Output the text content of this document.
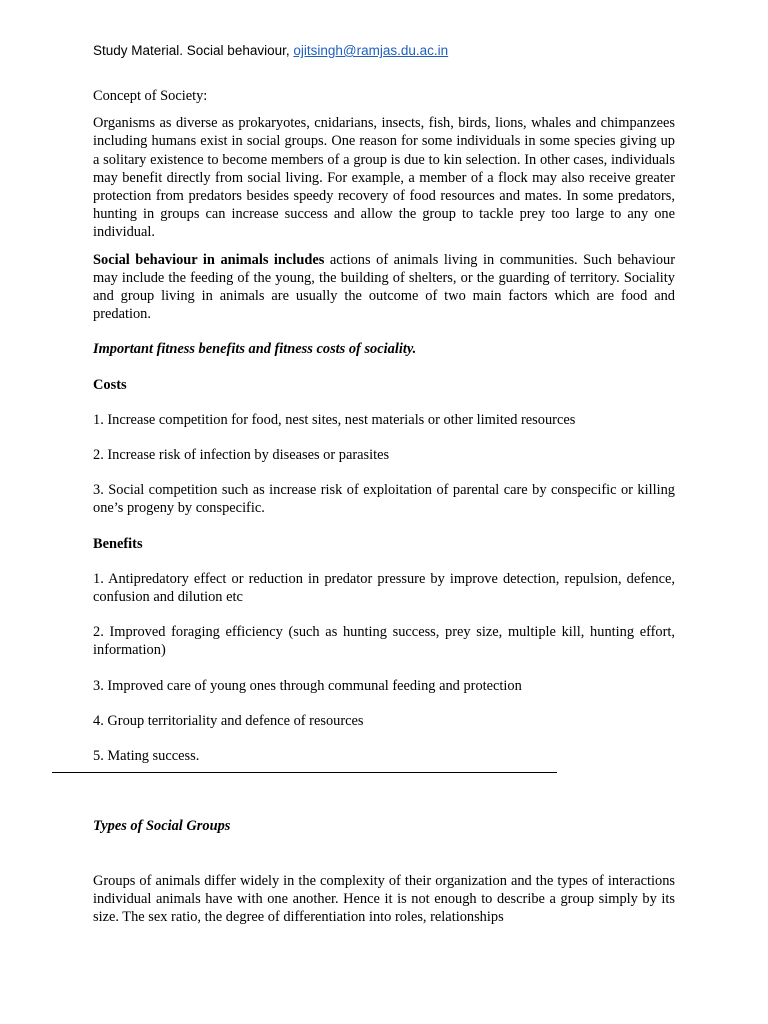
Study Material. Social behaviour, ojitsingh@ramjas.du.ac.in

Concept of Society:

Organisms as diverse as prokaryotes, cnidarians, insects, fish, birds, lions, whales and chimpanzees including humans exist in social groups. One reason for some individuals in some species giving up a solitary existence to become members of a group is due to kin selection. In other cases, individuals may benefit directly from social living. For example, a member of a flock may also receive greater protection from predators besides speedy recovery of food resources and mates. In some predators, hunting in groups can increase success and allow the group to tackle prey too large to any one individual.

Social behaviour in animals includes actions of animals living in communities. Such behaviour may include the feeding of the young, the building of shelters, or the guarding of territory. Sociality and group living in animals are usually the outcome of two main factors which are food and predation.

Important fitness benefits and fitness costs of sociality.

Costs

1. Increase competition for food, nest sites, nest materials or other limited resources

2. Increase risk of infection by diseases or parasites

3. Social competition such as increase risk of exploitation of parental care by conspecific or killing one’s progeny by conspecific.

Benefits

1. Antipredatory effect or reduction in predator pressure by improve detection, repulsion, defence, confusion and dilution etc

2. Improved foraging efficiency (such as hunting success, prey size, multiple kill, hunting effort, information)

3. Improved care of young ones through communal feeding and protection

4. Group territoriality and defence of resources

5. Mating success.

Types of Social Groups

Groups of animals differ widely in the complexity of their organization and the types of interactions individual animals have with one another. Hence it is not enough to describe a group simply by its size. The sex ratio, the degree of differentiation into roles, relationships
